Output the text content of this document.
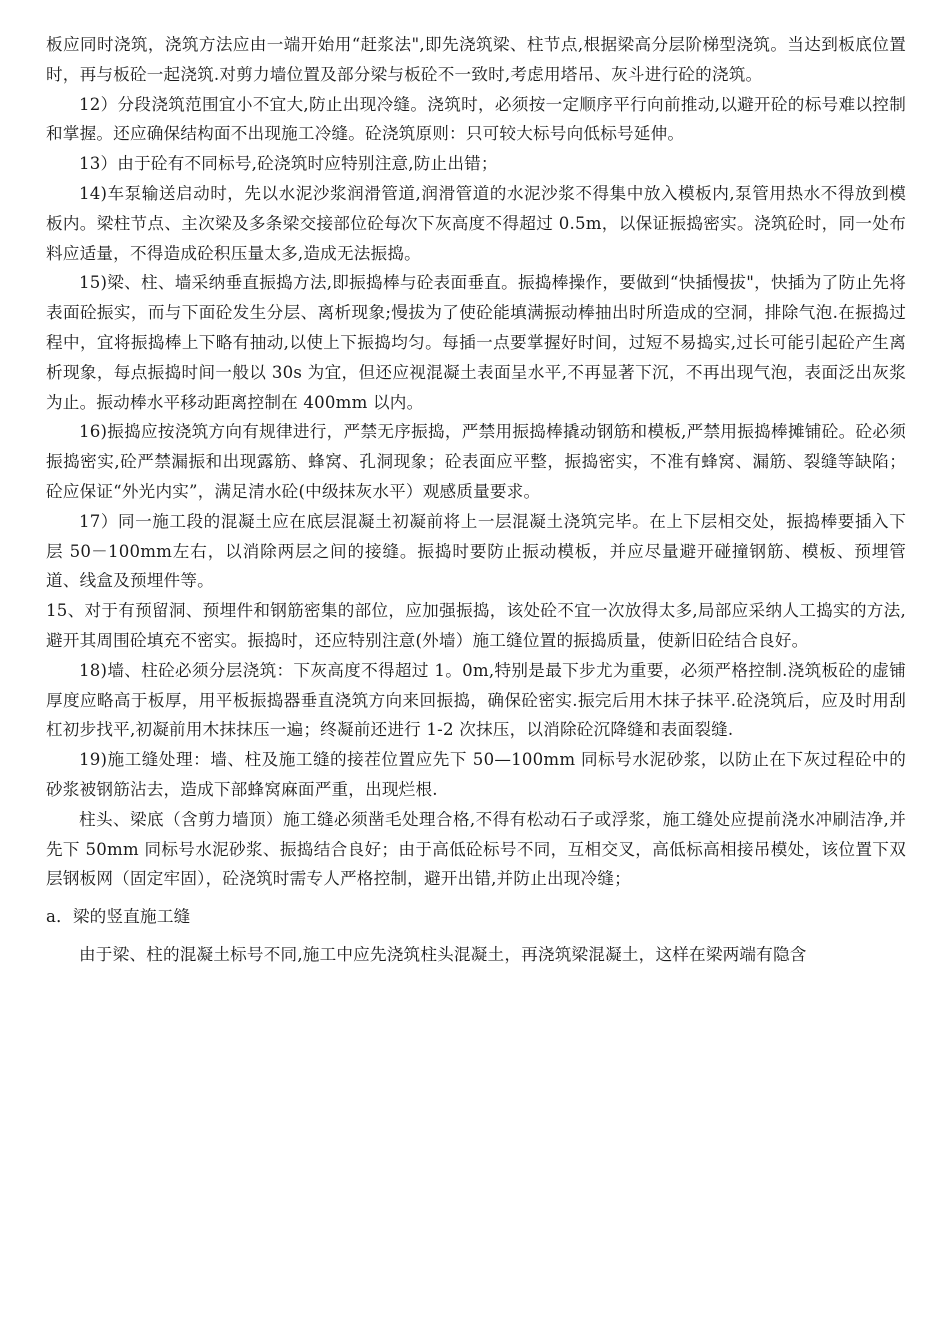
板应同时浇筑，浇筑方法应由一端开始用“赶浆法",即先浇筑梁、柱节点,根据梁高分层阶梯型浇筑。当达到板底位置时，再与板砼一起浇筑.对剪力墙位置及部分梁与板砼不一致时,考虑用塔吊、灰斗进行砼的浇筑。

12）分段浇筑范围宜小不宜大,防止出现冷缝。浇筑时，必须按一定顺序平行向前推动,以避开砼的标号难以控制和掌握。还应确保结构面不出现施工冷缝。砼浇筑原则：只可较大标号向低标号延伸。

13）由于砼有不同标号,砼浇筑时应特别注意,防止出错；

14)车泵输送启动时，先以水泥沙浆润滑管道,润滑管道的水泥沙浆不得集中放入模板内,泵管用热水不得放到模板内。梁柱节点、主次梁及多条梁交接部位砼每次下灰高度不得超过 0.5m，以保证振捣密实。浇筑砼时，同一处布料应适量，不得造成砼积压量太多,造成无法振捣。

15)梁、柱、墙采纳垂直振捣方法,即振捣棒与砼表面垂直。振捣棒操作，要做到“快插慢拔"，快插为了防止先将表面砼振实，而与下面砼发生分层、离析现象;慢拔为了使砼能填满振动棒抽出时所造成的空洞，排除气泡.在振捣过程中，宜将振捣棒上下略有抽动,以使上下振捣均匀。每插一点要掌握好时间，过短不易捣实,过长可能引起砼产生离析现象，每点振捣时间一般以 30s 为宜，但还应视混凝土表面呈水平,不再显著下沉，不再出现气泡，表面泛出灰浆为止。振动棒水平移动距离控制在 400mm 以内。

16)振捣应按浇筑方向有规律进行，严禁无序振捣，严禁用振捣棒撬动钢筋和模板,严禁用振捣棒摊铺砼。砼必须振捣密实,砼严禁漏振和出现露筋、蜂窝、孔洞现象；砼表面应平整，振捣密实，不准有蜂窝、漏筋、裂缝等缺陷；砼应保证“外光内实”，满足清水砼(中级抹灰水平）观感质量要求。

17）同一施工段的混凝土应在底层混凝土初凝前将上一层混凝土浇筑完毕。在上下层相交处，振捣棒要插入下层 50－100mm左右，以消除两层之间的接缝。振捣时要防止振动模板，并应尽量避开碰撞钢筋、模板、预埋管道、线盒及预埋件等。

15、对于有预留洞、预埋件和钢筋密集的部位，应加强振捣，该处砼不宜一次放得太多,局部应采纳人工捣实的方法,避开其周围砼填充不密实。振捣时，还应特别注意(外墙）施工缝位置的振捣质量，使新旧砼结合良好。

18)墙、柱砼必须分层浇筑：下灰高度不得超过 1。0m,特别是最下步尤为重要，必须严格控制.浇筑板砼的虚铺厚度应略高于板厚，用平板振捣器垂直浇筑方向来回振捣，确保砼密实.振完后用木抹子抹平.砼浇筑后，应及时用刮杠初步找平,初凝前用木抹抹压一遍；终凝前还进行 1-2 次抹压，以消除砼沉降缝和表面裂缝.

19)施工缝处理：墙、柱及施工缝的接茬位置应先下 50—100mm 同标号水泥砂浆，以防止在下灰过程砼中的砂浆被钢筋沾去，造成下部蜂窝麻面严重，出现烂根.

柱头、梁底（含剪力墙顶）施工缝必须凿毛处理合格,不得有松动石子或浮浆，施工缝处应提前浇水冲刷洁净,并先下 50mm 同标号水泥砂浆、振捣结合良好；由于高低砼标号不同，互相交叉，高低标高相接吊模处，该位置下双层钢板网（固定牢固），砼浇筑时需专人严格控制，避开出错,并防止出现冷缝；

a．梁的竖直施工缝

由于梁、柱的混凝土标号不同,施工中应先浇筑柱头混凝土，再浇筑梁混凝土，这样在梁两端有隐含
